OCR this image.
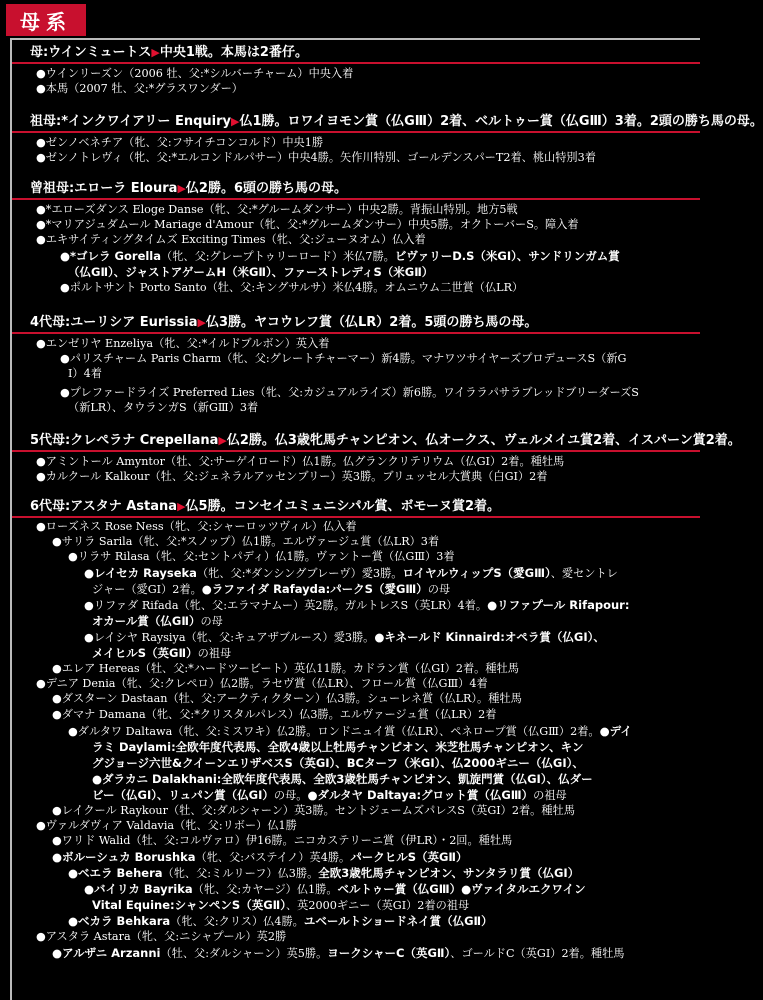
母系
母:ウインミュートス▶中央1戦。本馬は2番仔。
●ウインリーズン（2006 牡、父:*シルバーチャーム）中央入着
●本馬（2007 牡、父:*グラスワンダー）
祖母:*インクワイアリー Enquiry▶仏1勝。ロワイヨモン賞（仏GⅢ）2着、ベルトゥー賞（仏GⅢ）3着。2頭の勝ち馬の母。
●ゼンノベネチア（牝、父:フサイチコンコルド）中央1勝
●ゼンノトレヴィ（牝、父:*エルコンドルパサー）中央4勝。矢作川特別、ゴールデンスパーT2着、桃山特別3着
曾祖母:エローラ Eloura▶仏2勝。6頭の勝ち馬の母。
●*エローズダンス Eloge Danse（牝、父:*グルームダンサー）中央2勝。背振山特別。地方5戦
●*マリアジュダムール Mariage d'Amour（牝、父:*グルームダンサー）中央5勝。オクトーバーS。障入着
●エキサイティングタイムズ Exciting Times（牝、父:ジューヌオム）仏入着
●*ゴレラ Gorella（牝、父:グレープトゥリーロード）米仏7勝。ビヴァリーD.S（米GⅠ）、サンドリンガム賞
（仏GⅡ）、ジャストアゲームH（米GⅡ）、ファーストレディS（米GⅡ）
●ポルトサント Porto Santo（牡、父:キングサルサ）米仏4勝。オムニウム二世賞（仏LR）
4代母:ユーリシア Eurissia▶仏3勝。ヤコウレフ賞（仏LR）2着。5頭の勝ち馬の母。
●エンゼリヤ Enzeliya（牝、父:*イルドブルボン）英入着
●パリスチャーム Paris Charm（牝、父:グレートチャーマー）新4勝。マナワツサイヤーズプロデュースS（新G
Ⅰ）4着
●プレファードライズ Preferred Lies（牝、父:カジュアルライズ）新6勝。ワイララパサラブレッドブリーダーズS
（新LR）、タウランガS（新GⅢ）3着
5代母:クレペラナ Crepellana▶仏2勝。仏3歳牝馬チャンピオン、仏オークス、ヴェルメイユ賞2着、イスパーン賞2着。
●アミントール Amyntor（牡、父:サーゲイロード）仏1勝。仏グランクリテリウム（仏GⅠ）2着。種牡馬
●カルクール Kalkour（牡、父:ジェネラルアッセンブリー）英3勝。ブリュッセル大賞典（白GⅠ）2着
6代母:アスタナ Astana▶仏5勝。コンセイユミュニシパル賞、ボモーヌ賞2着。
●ローズネス Rose Ness（牝、父:シャーロッツヴィル）仏入着
●サリラ Sarila（牝、父:*スノップ）仏1勝。エルヴァージュ賞（仏LR）3着
●リラサ Rilasa（牝、父:セントパディ）仏1勝。ヴァントー賞（仏GⅢ）3着
●レイセカ Rayseka（牝、父:*ダンシングブレーヴ）愛3勝。ロイヤルウィップS（愛GⅢ）、愛セントレ
ジャー（愛GⅠ）2着。●ラファイダ Rafayda:パークS（愛GⅢ）の母
●リファダ Rifada（牝、父:エラマナムー）英2勝。ガルトレスS（英LR）4着。●リファプール Rifapour:
オカール賞（仏GⅡ）の母
●レイシヤ Raysiya（牝、父:キュアザブルース）愛3勝。●キネールド Kinnaird:オペラ賞（仏GⅠ）、
メイヒルS（英GⅡ）の祖母
●エレア Hereas（牡、父:*ハードツービート）英仏11勝。カドラン賞（仏GⅠ）2着。種牡馬
●デニア Denia（牝、父:クレペロ）仏2勝。ラセヴ賞（仏LR）、フロール賞（仏GⅢ）4着
●ダスターン Dastaan（牡、父:アークティクターン）仏3勝。シューレネ賞（仏LR）。種牡馬
●ダマナ Damana（牝、父:*クリスタルパレス）仏3勝。エルヴァージュ賞（仏LR）2着
●ダルタワ Daltawa（牝、父:ミスワキ）仏2勝。ロンドニュイ賞（仏LR）、ペネロープ賞（仏GⅢ）2着。●デイ
ラミ Daylami:全欧年度代表馬、全欧4歳以上牡馬チャンピオン、米芝牡馬チャンピオン、キン
グジョージ六世&クイーンエリザベスS（英GⅠ）、BCターフ（米GⅠ）、仏2000ギニー（仏GⅠ）、
●ダラカニ Dalakhani:全欧年度代表馬、全欧3歳牡馬チャンピオン、凱旋門賞（仏GⅠ）、仏ダー
ビー（仏GⅠ）、リュパン賞（仏GⅠ）の母。●ダルタヤ Daltaya:グロット賞（仏GⅢ）の祖母
●レイクール Raykour（牡、父:ダルシャーン）英3勝。セントジェームズパレスS（英GⅠ）2着。種牡馬
●ヴァルダヴィア Valdavia（牝、父:リボー）仏1勝
●ワリド Walid（牡、父:コルヴァロ）伊16勝。ニコカステリーニ賞（伊LR）・2回。種牡馬
●ボルーシュカ Borushka（牝、父:バステイノ）英4勝。パークヒルS（英GⅡ）
●ベエラ Behera（牝、父:ミルリーフ）仏3勝。全欧3歳牝馬チャンピオン、サンタラリ賞（仏GⅠ）
●バイリカ Bayrika（牝、父:カヤージ）仏1勝。ベルトゥー賞（仏GⅢ）●ヴァイタルエクワイン
Vital Equine:シャンペンS（英GⅡ）、英2000ギニー（英GⅠ）2着の祖母
●ベカラ Behkara（牝、父:クリス）仏4勝。ユベールトショードネイ賞（仏GⅡ）
●アスタラ Astara（牝、父:ニシャプール）英2勝
●アルザニ Arzanni（牡、父:ダルシャーン）英5勝。ヨークシャーC（英GⅡ）、ゴールドC（英GⅠ）2着。種牡馬
